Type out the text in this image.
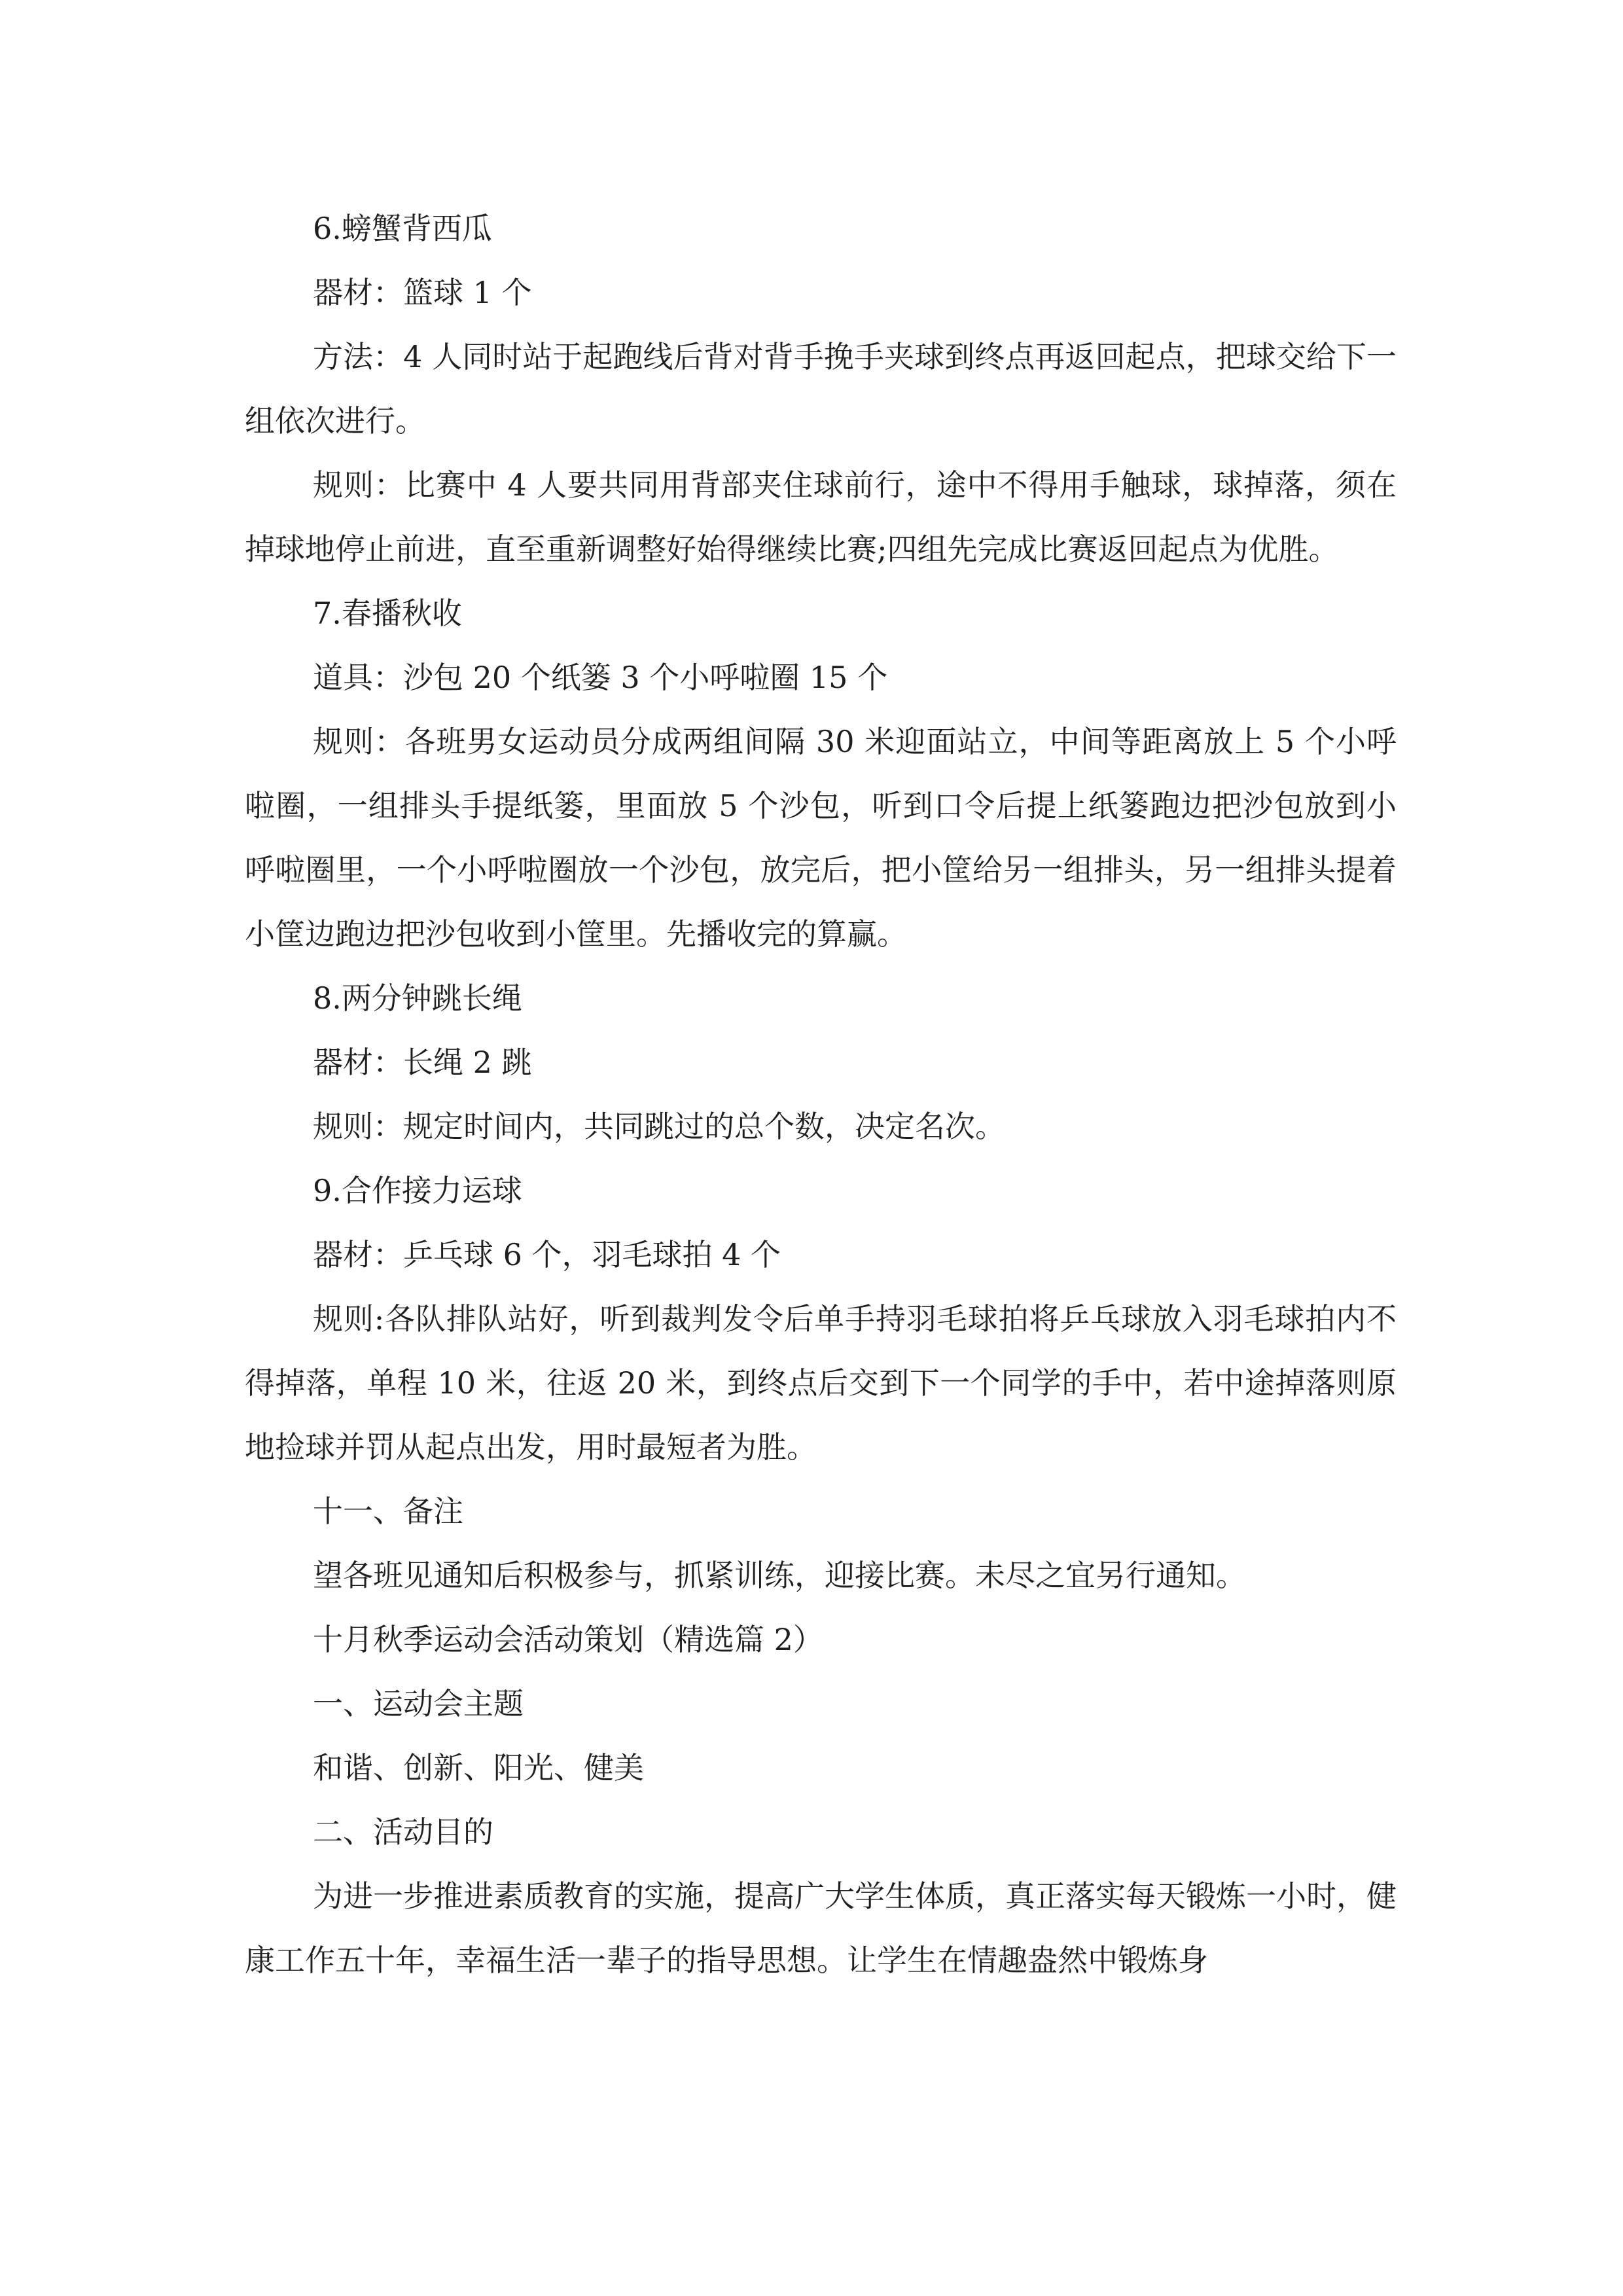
6.螃蟹背西瓜

器材：篮球 1 个

方法：4 人同时站于起跑线后背对背手挽手夹球到终点再返回起点，把球交给下一组依次进行。

规则：比赛中 4 人要共同用背部夹住球前行，途中不得用手触球，球掉落，须在掉球地停止前进，直至重新调整好始得继续比赛;四组先完成比赛返回起点为优胜。

7.春播秋收

道具：沙包 20 个纸篓 3 个小呼啦圈 15 个

规则：各班男女运动员分成两组间隔 30 米迎面站立，中间等距离放上 5 个小呼啦圈，一组排头手提纸篓，里面放 5 个沙包，听到口令后提上纸篓跑边把沙包放到小呼啦圈里，一个小呼啦圈放一个沙包，放完后，把小筐给另一组排头，另一组排头提着小筐边跑边把沙包收到小筐里。先播收完的算赢。

8.两分钟跳长绳

器材：长绳 2 跳

规则：规定时间内，共同跳过的总个数，决定名次。

9.合作接力运球

器材：乒乓球 6 个，羽毛球拍 4 个

规则:各队排队站好，听到裁判发令后单手持羽毛球拍将乒乓球放入羽毛球拍内不得掉落，单程 10 米，往返 20 米，到终点后交到下一个同学的手中，若中途掉落则原地捡球并罚从起点出发，用时最短者为胜。

十一、备注

望各班见通知后积极参与，抓紧训练，迎接比赛。未尽之宜另行通知。

十月秋季运动会活动策划（精选篇 2）

一、运动会主题

和谐、创新、阳光、健美

二、活动目的

为进一步推进素质教育的实施，提高广大学生体质，真正落实每天锻炼一小时，健康工作五十年，幸福生活一辈子的指导思想。让学生在情趣盎然中锻炼身
